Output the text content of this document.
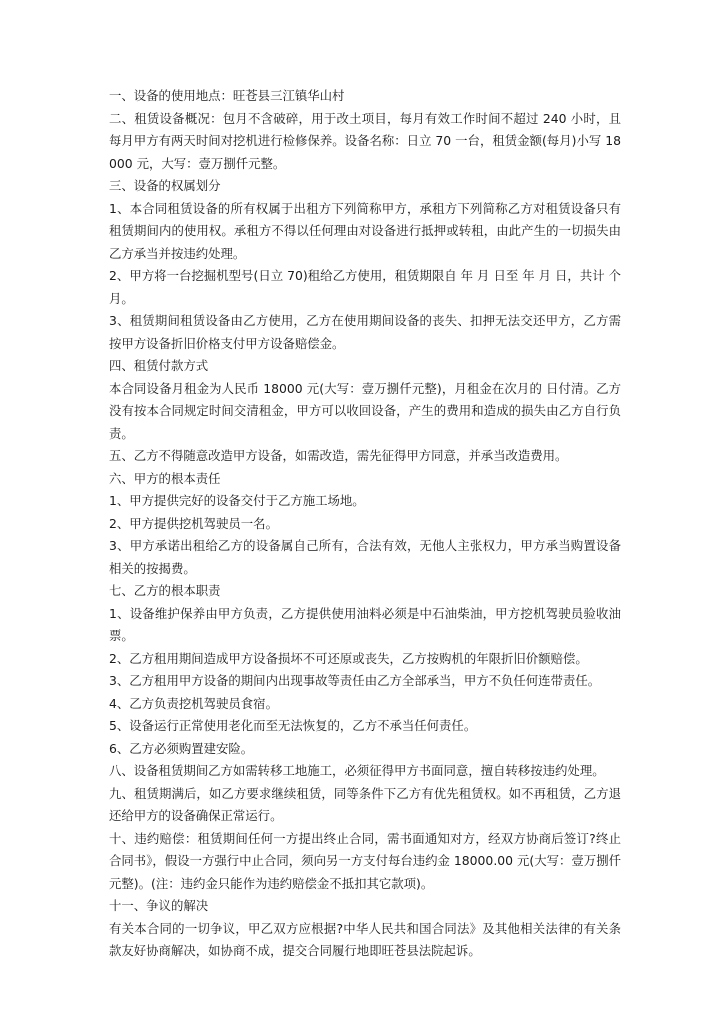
一、设备的使用地点：旺苍县三江镇华山村

二、租赁设备概况：包月不含破碎，用于改土项目，每月有效工作时间不超过 240 小时，且每月甲方有两天时间对挖机进行检修保养。设备名称：日立 70 一台，租赁金额(每月)小写 18000 元，大写：壹万捌仟元整。

三、设备的权属划分

1、本合同租赁设备的所有权属于出租方下列简称甲方，承租方下列简称乙方对租赁设备只有租赁期间内的使用权。承租方不得以任何理由对设备进行抵押或转租，由此产生的一切损失由乙方承当并按违约处理。

2、甲方将一台挖掘机型号(日立 70)租给乙方使用，租赁期限自 年 月 日至 年 月 日，共计 个月。

3、租赁期间租赁设备由乙方使用，乙方在使用期间设备的丧失、扣押无法交还甲方，乙方需按甲方设备折旧价格支付甲方设备赔偿金。

四、租赁付款方式

本合同设备月租金为人民币 18000 元(大写：壹万捌仟元整)，月租金在次月的 日付清。乙方没有按本合同规定时间交清租金，甲方可以收回设备，产生的费用和造成的损失由乙方自行负责。

五、乙方不得随意改造甲方设备，如需改造，需先征得甲方同意，并承当改造费用。

六、甲方的根本责任

1、甲方提供完好的设备交付于乙方施工场地。

2、甲方提供挖机驾驶员一名。

3、甲方承诺出租给乙方的设备属自己所有，合法有效，无他人主张权力，甲方承当购置设备相关的按揭费。

七、乙方的根本职责

1、设备维护保养由甲方负责，乙方提供使用油料必须是中石油柴油，甲方挖机驾驶员验收油票。

2、乙方租用期间造成甲方设备损坏不可还原或丧失，乙方按购机的年限折旧价额赔偿。

3、乙方租用甲方设备的期间内出现事故等责任由乙方全部承当，甲方不负任何连带责任。

4、乙方负责挖机驾驶员食宿。

5、设备运行正常使用老化而至无法恢复的，乙方不承当任何责任。

6、乙方必须购置建安险。

八、设备租赁期间乙方如需转移工地施工，必须征得甲方书面同意，擅自转移按违约处理。

九、租赁期满后，如乙方要求继续租赁，同等条件下乙方有优先租赁权。如不再租赁，乙方退还给甲方的设备确保正常运行。

十、违约赔偿：租赁期间任何一方提出终止合同，需书面通知对方，经双方协商后签订?终止合同书》，假设一方强行中止合同，须向另一方支付每台违约金 18000.00 元(大写：壹万捌仟元整)。(注：违约金只能作为违约赔偿金不抵扣其它款项)。

十一、争议的解决

有关本合同的一切争议，甲乙双方应根据?中华人民共和国合同法》及其他相关法律的有关条款友好协商解决，如协商不成，提交合同履行地即旺苍县法院起诉。
